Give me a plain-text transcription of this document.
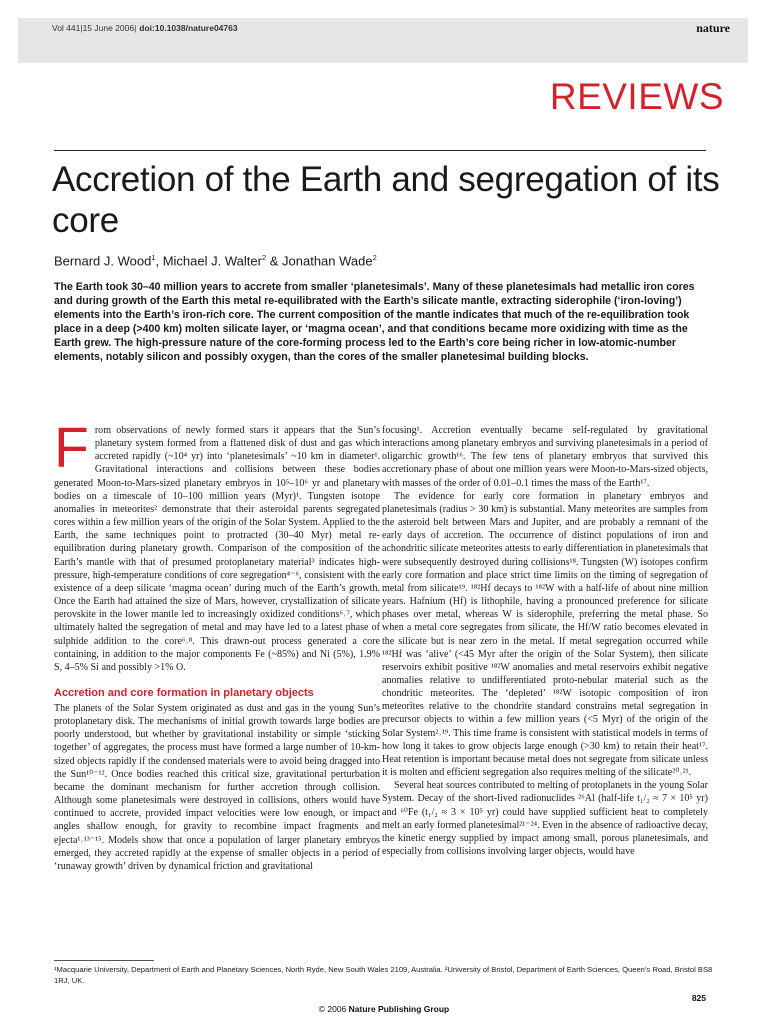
Vol 441|15 June 2006| doi:10.1038/nature04763	nature
REVIEWS
Accretion of the Earth and segregation of its core
Bernard J. Wood$^1$, Michael J. Walter$^2$ & Jonathan Wade$^2$

The Earth took 30–40 million years to accrete from smaller ‘planetesimals’. Many of these planetesimals had metallic iron cores and during growth of the Earth this metal re-equilibrated with the Earth’s silicate mantle, extracting siderophile (‘iron-loving’) elements into the Earth’s iron-rich core. The current composition of the mantle indicates that much of the re-equilibration took place in a deep (>400 km) molten silicate layer, or ‘magma ocean’, and that conditions became more oxidizing with time as the Earth grew. The high-pressure nature of the core-forming process led to the Earth’s core being richer in low-atomic-number elements, notably silicon and possibly oxygen, than the cores of the smaller planetesimal building blocks.

From observations of newly formed stars it appears that the Sun’s planetary system formed from a flattened disk of dust and gas which accreted rapidly (~10⁴ yr) into ‘planetesimals’ ~10 km in diameter¹. Gravitational interactions and collisions between these bodies generated Moon-to-Mars-sized planetary embryos in 10⁵–10⁶ yr and planetary bodies on a timescale of 10–100 million years (Myr)¹. Tungsten isotope anomalies in meteorites² demonstrate that their asteroidal parents segregated cores within a few million years of the origin of the Solar System. Applied to the Earth, the same techniques point to protracted (30–40 Myr) metal re-equilibration during planetary growth. Comparison of the composition of the Earth’s mantle with that of presumed protoplanetary material³ indicates high-pressure, high-temperature conditions of core segregation⁴⁻⁶, consistent with the existence of a deep silicate ‘magma ocean’ during much of the Earth’s growth. Once the Earth had attained the size of Mars, however, crystallization of silicate perovskite in the lower mantle led to increasingly oxidized conditions⁶˒⁷, which ultimately halted the segregation of metal and may have led to a latest phase of sulphide addition to the core⁶˒⁸. This drawn-out process generated a core containing, in addition to the major components Fe (~85%) and Ni (5%), 1.9% S, 4–5% Si and possibly >1% O.

Accretion and core formation in planetary objects

The planets of the Solar System originated as dust and gas in the young Sun’s protoplanetary disk. The mechanisms of initial growth towards large bodies are poorly understood, but whether by gravitational instability or simple ‘sticking together’ of aggregates, the process must have formed a large number of 10-km-sized objects rapidly if the condensed materials were to avoid being dragged into the Sun¹⁰⁻¹². Once bodies reached this critical size, gravitational perturbation became the dominant mechanism for further accretion through collision. Although some planetesimals were destroyed in collisions, others would have continued to accrete, provided impact velocities were low enough, or impact angles shallow enough, for gravity to recombine impact fragments and ejecta¹˒¹³⁻¹⁵. Models show that once a population of larger planetary embryos emerged, they accreted rapidly at the expense of smaller objects in a period of ‘runaway growth’ driven by dynamical friction and gravitational

focusing¹. Accretion eventually became self-regulated by gravitational interactions among planetary embryos and surviving planetesimals in a period of oligarchic growth¹⁶. The few tens of planetary embryos that survived this accretionary phase of about one million years were Moon-to-Mars-sized objects, with masses of the order of 0.01–0.1 times the mass of the Earth¹⁷.

The evidence for early core formation in planetary embryos and planetesimals (radius > 30 km) is substantial. Many meteorites are samples from the asteroid belt between Mars and Jupiter, and are probably a remnant of the early days of accretion. The occurrence of distinct populations of iron and achondritic silicate meteorites attests to early differentiation in planetesimals that were subsequently destroyed during collisions¹⁸. Tungsten (W) isotopes confirm early core formation and place strict time limits on the timing of segregation of metal from silicate¹⁹. ¹⁸²Hf decays to ¹⁸²W with a half-life of about nine million years. Hafnium (Hf) is lithophile, having a pronounced preference for silicate phases over metal, whereas W is siderophile, preferring the metal phase. So when a metal core segregates from silicate, the Hf/W ratio becomes elevated in the silicate but is near zero in the metal. If metal segregation occurred while ¹⁸²Hf was ‘alive’ (<45 Myr after the origin of the Solar System), then silicate reservoirs exhibit positive ¹⁸²W anomalies and metal reservoirs exhibit negative anomalies relative to undifferentiated proto-nebular material such as the chondritic meteorites. The ‘depleted’ ¹⁸²W isotopic composition of iron meteorites relative to the chondrite standard constrains metal segregation in precursor objects to within a few million years (<5 Myr) of the origin of the Solar System²˒¹⁹. This time frame is consistent with statistical models in terms of how long it takes to grow objects large enough (>30 km) to retain their heat¹⁷. Heat retention is important because metal does not segregate from silicate unless it is molten and efficient segregation also requires melting of the silicate²⁰˒²¹.

Several heat sources contributed to melting of protoplanets in the young Solar System. Decay of the short-lived radionuclides ²⁶Al (half-life t₁/₂ ≈ 7 × 10⁵ yr) and ⁶⁰Fe (t₁/₂ ≈ 3 × 10⁵ yr) could have supplied sufficient heat to completely melt an early formed planetesimal²¹⁻²⁴. Even in the absence of radioactive decay, the kinetic energy supplied by impact among small, porous planetesimals, and especially from collisions involving larger objects, would have

¹Macquarie University, Department of Earth and Planetary Sciences, North Ryde, New South Wales 2109, Australia. ²University of Bristol, Department of Earth Sciences, Queen’s Road, Bristol BS8 1RJ, UK.
825
© 2006 Nature Publishing Group
